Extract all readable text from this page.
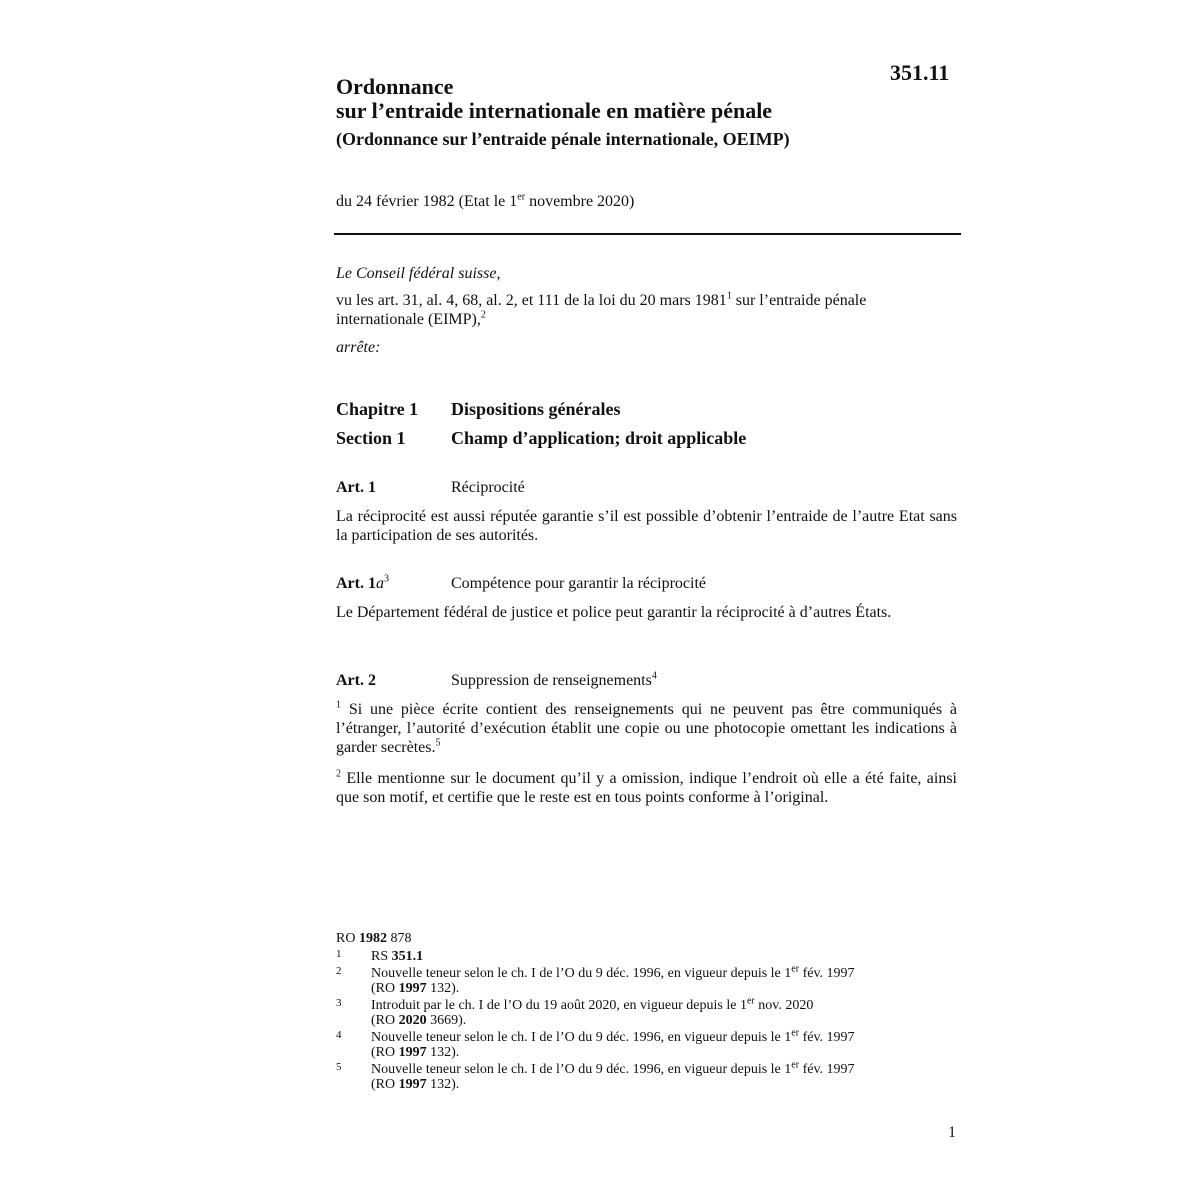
351.11
Ordonnance
sur l’entraide internationale en matière pénale
(Ordonnance sur l’entraide pénale internationale, OEIMP)
du 24 février 1982 (Etat le 1er novembre 2020)
Le Conseil fédéral suisse,
vu les art. 31, al. 4, 68, al. 2, et 111 de la loi du 20 mars 1981$^1$ sur l’entraide pénale internationale (EIMP),$^2$
arrête:
Chapitre 1 Dispositions générales
Section 1	Champ d’application; droit applicable
Art. 1	Réciprocité
La réciprocité est aussi réputée garantie s’il est possible d’obtenir l’entraide de l’autre Etat sans la participation de ses autorités.
Art. $1a^3$	Compétence pour garantir la réciprocité
Le Département fédéral de justice et police peut garantir la réciprocité à d’autres États.
Art. 2	Suppression de renseignements$^4$
$^1$ Si une pièce écrite contient des renseignements qui ne peuvent pas être communiqués à l’étranger, l’autorité d’exécution établit une copie ou une photocopie omettant les indications à garder secrètes.$^5$
$^2$ Elle mentionne sur le document qu’il y a omission, indique l’endroit où elle a été faite, ainsi que son motif, et certifie que le reste est en tous points conforme à l’original.
RO 1982 878
1 RS 351.1
2 Nouvelle teneur selon le ch. I de l’O du 9 déc. 1996, en vigueur depuis le 1er fév. 1997
(RO 1997 132).
3 Introduit par le ch. I de l’O du 19 août 2020, en vigueur depuis le 1er nov. 2020
(RO 2020 3669).
4 Nouvelle teneur selon le ch. I de l’O du 9 déc. 1996, en vigueur depuis le 1er fév. 1997
(RO 1997 132).
5 Nouvelle teneur selon le ch. I de l’O du 9 déc. 1996, en vigueur depuis le 1er fév. 1997
(RO 1997 132).
1
